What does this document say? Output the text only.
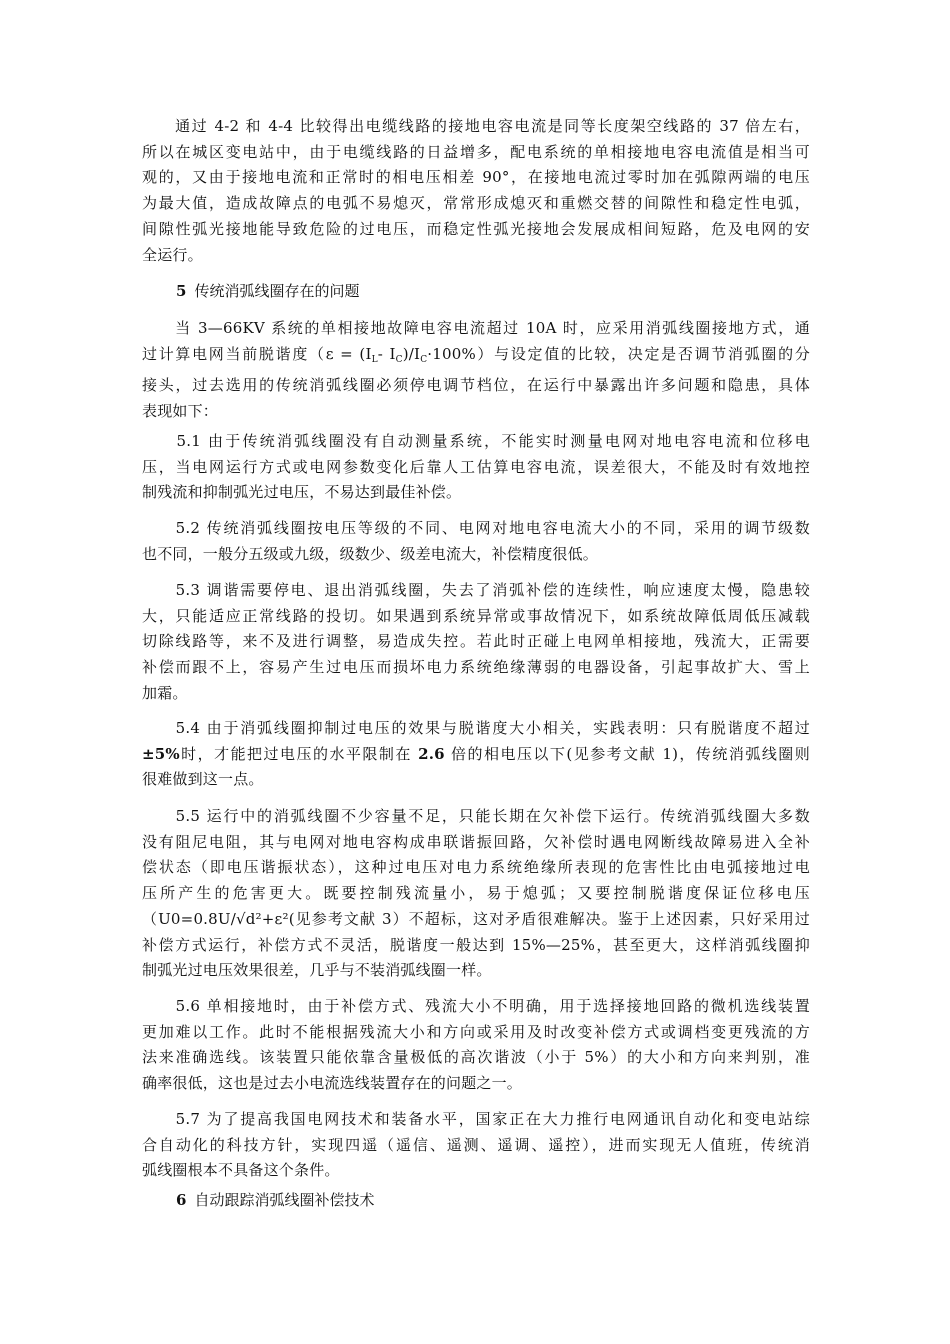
　　通过 4-2 和 4-4 比较得出电缆线路的接地电容电流是同等长度架空线路的 37 倍左右，
所以在城区变电站中，由于电缆线路的日益增多，配电系统的单相接地电容电流值是相当可
观的，又由于接地电流和正常时的相电压相差 90°，在接地电流过零时加在弧隙两端的电压
为最大值，造成故障点的电弧不易熄灭，常常形成熄灭和重燃交替的间隙性和稳定性电弧，
间隙性弧光接地能导致危险的过电压，而稳定性弧光接地会发展成相间短路，危及电网的安
全运行。
5 传统消弧线圈存在的问题
　　当 3—66KV 系统的单相接地故障电容电流超过 10A 时，应采用消弧线圈接地方式，通
过计算电网当前脱谐度（$\varepsilon = (I_L-$ $I_C)/I_C\cdot 100\%$）与设定值的比较，决定是否调节消弧圈的分
接头，过去选用的传统消弧线圈必须停电调节档位，在运行中暴露出许多问题和隐患，具体
表现如下：
　　5.1 由于传统消弧线圈没有自动测量系统，不能实时测量电网对地电容电流和位移电
压，当电网运行方式或电网参数变化后靠人工估算电容电流，误差很大，不能及时有效地控
制残流和抑制弧光过电压，不易达到最佳补偿。
　　5.2 传统消弧线圈按电压等级的不同、电网对地电容电流大小的不同，采用的调节级数
也不同，一般分五级或九级，级数少、级差电流大，补偿精度很低。
　　5.3 调谐需要停电、退出消弧线圈，失去了消弧补偿的连续性，响应速度太慢，隐患较
大，只能适应正常线路的投切。如果遇到系统异常或事故情况下，如系统故障低周低压减载
切除线路等，来不及进行调整，易造成失控。若此时正碰上电网单相接地，残流大，正需要
补偿而跟不上，容易产生过电压而损坏电力系统绝缘薄弱的电器设备，引起事故扩大、雪上
加霜。
　　5.4 由于消弧线圈抑制过电压的效果与脱谐度大小相关，实践表明：只有脱谐度不超过
±5%时，才能把过电压的水平限制在 2.6 倍的相电压以下(见参考文献 1)，传统消弧线圈则
很难做到这一点。
　　5.5 运行中的消弧线圈不少容量不足，只能长期在欠补偿下运行。传统消弧线圈大多数
没有阻尼电阻，其与电网对地电容构成串联谐振回路，欠补偿时遇电网断线故障易进入全补
偿状态（即电压谐振状态），这种过电压对电力系统绝缘所表现的危害性比由电弧接地过电
压所产生的危害更大。既要控制残流量小，易于熄弧；又要控制脱谐度保证位移电压
（U0=0.8U/√d²+ε²(见参考文献 3）不超标，这对矛盾很难解决。鉴于上述因素，只好采用过
补偿方式运行，补偿方式不灵活，脱谐度一般达到 15%—25%，甚至更大，这样消弧线圈抑
制弧光过电压效果很差，几乎与不装消弧线圈一样。
　　5.6 单相接地时，由于补偿方式、残流大小不明确，用于选择接地回路的微机选线装置
更加难以工作。此时不能根据残流大小和方向或采用及时改变补偿方式或调档变更残流的方
法来准确选线。该装置只能依靠含量极低的高次谐波（小于 5%）的大小和方向来判别，准
确率很低，这也是过去小电流选线装置存在的问题之一。
　　5.7 为了提高我国电网技术和装备水平，国家正在大力推行电网通讯自动化和变电站综
合自动化的科技方针，实现四遥（遥信、遥测、遥调、遥控），进而实现无人值班，传统消
弧线圈根本不具备这个条件。
6 自动跟踪消弧线圈补偿技术
